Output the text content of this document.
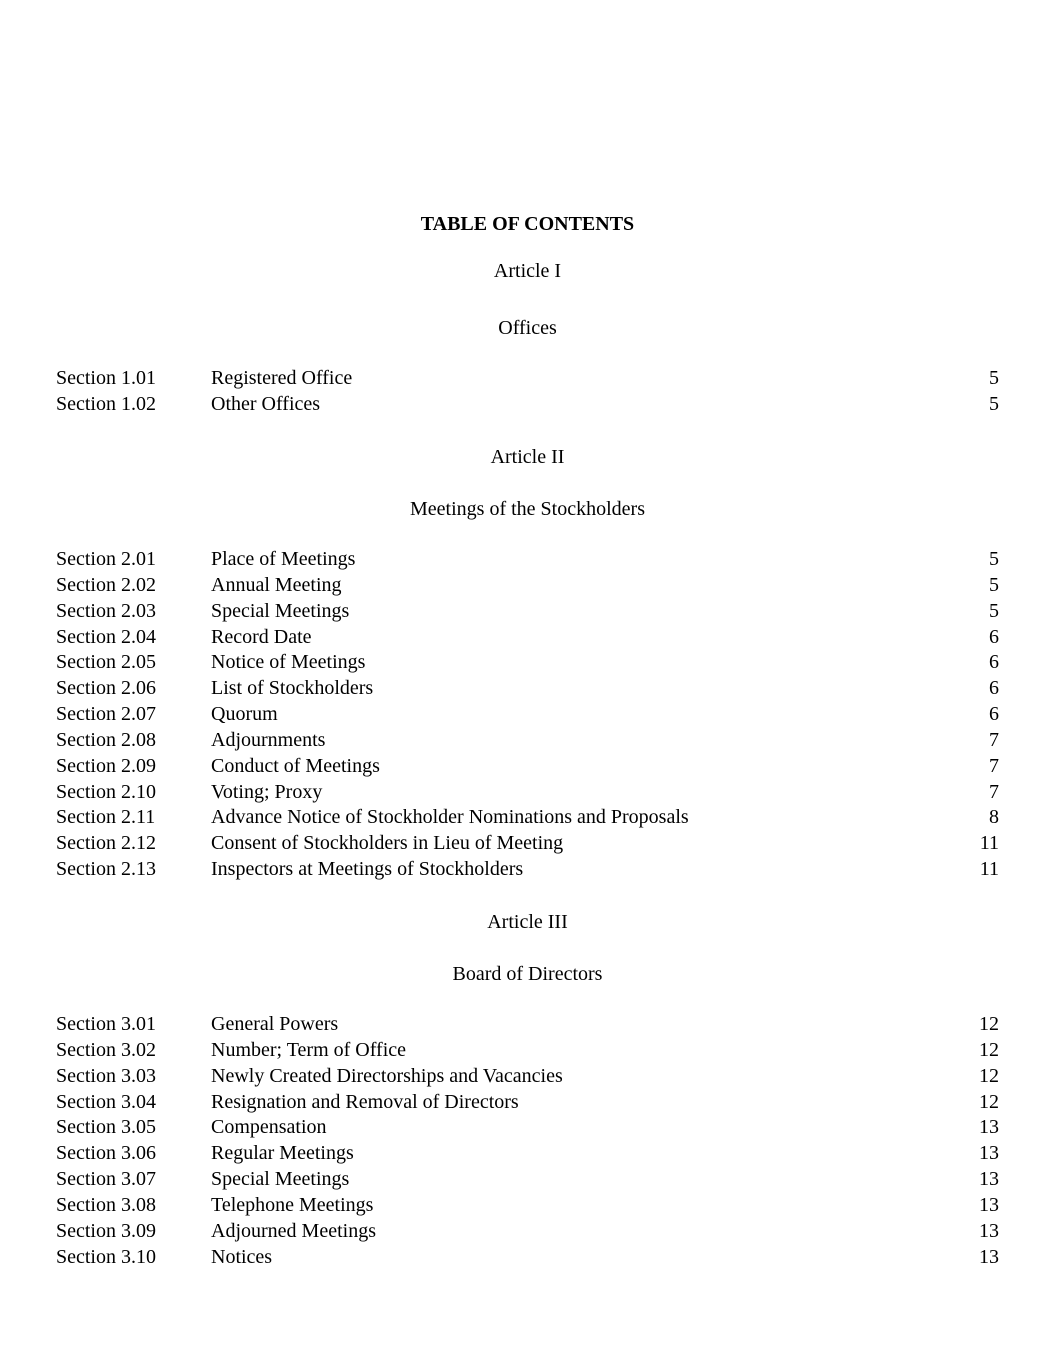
TABLE OF CONTENTS
Article I
Offices
Section 1.01	Registered Office	5
Section 1.02	Other Offices	5
Article II
Meetings of the Stockholders
Section 2.01	Place of Meetings	5
Section 2.02	Annual Meeting	5
Section 2.03	Special Meetings	5
Section 2.04	Record Date	6
Section 2.05	Notice of Meetings	6
Section 2.06	List of Stockholders	6
Section 2.07	Quorum	6
Section 2.08	Adjournments	7
Section 2.09	Conduct of Meetings	7
Section 2.10	Voting; Proxy	7
Section 2.11	Advance Notice of Stockholder Nominations and Proposals	8
Section 2.12	Consent of Stockholders in Lieu of Meeting	11
Section 2.13	Inspectors at Meetings of Stockholders	11
Article III
Board of Directors
Section 3.01	General Powers	12
Section 3.02	Number; Term of Office	12
Section 3.03	Newly Created Directorships and Vacancies	12
Section 3.04	Resignation and Removal of Directors	12
Section 3.05	Compensation	13
Section 3.06	Regular Meetings	13
Section 3.07	Special Meetings	13
Section 3.08	Telephone Meetings	13
Section 3.09	Adjourned Meetings	13
Section 3.10	Notices	13
